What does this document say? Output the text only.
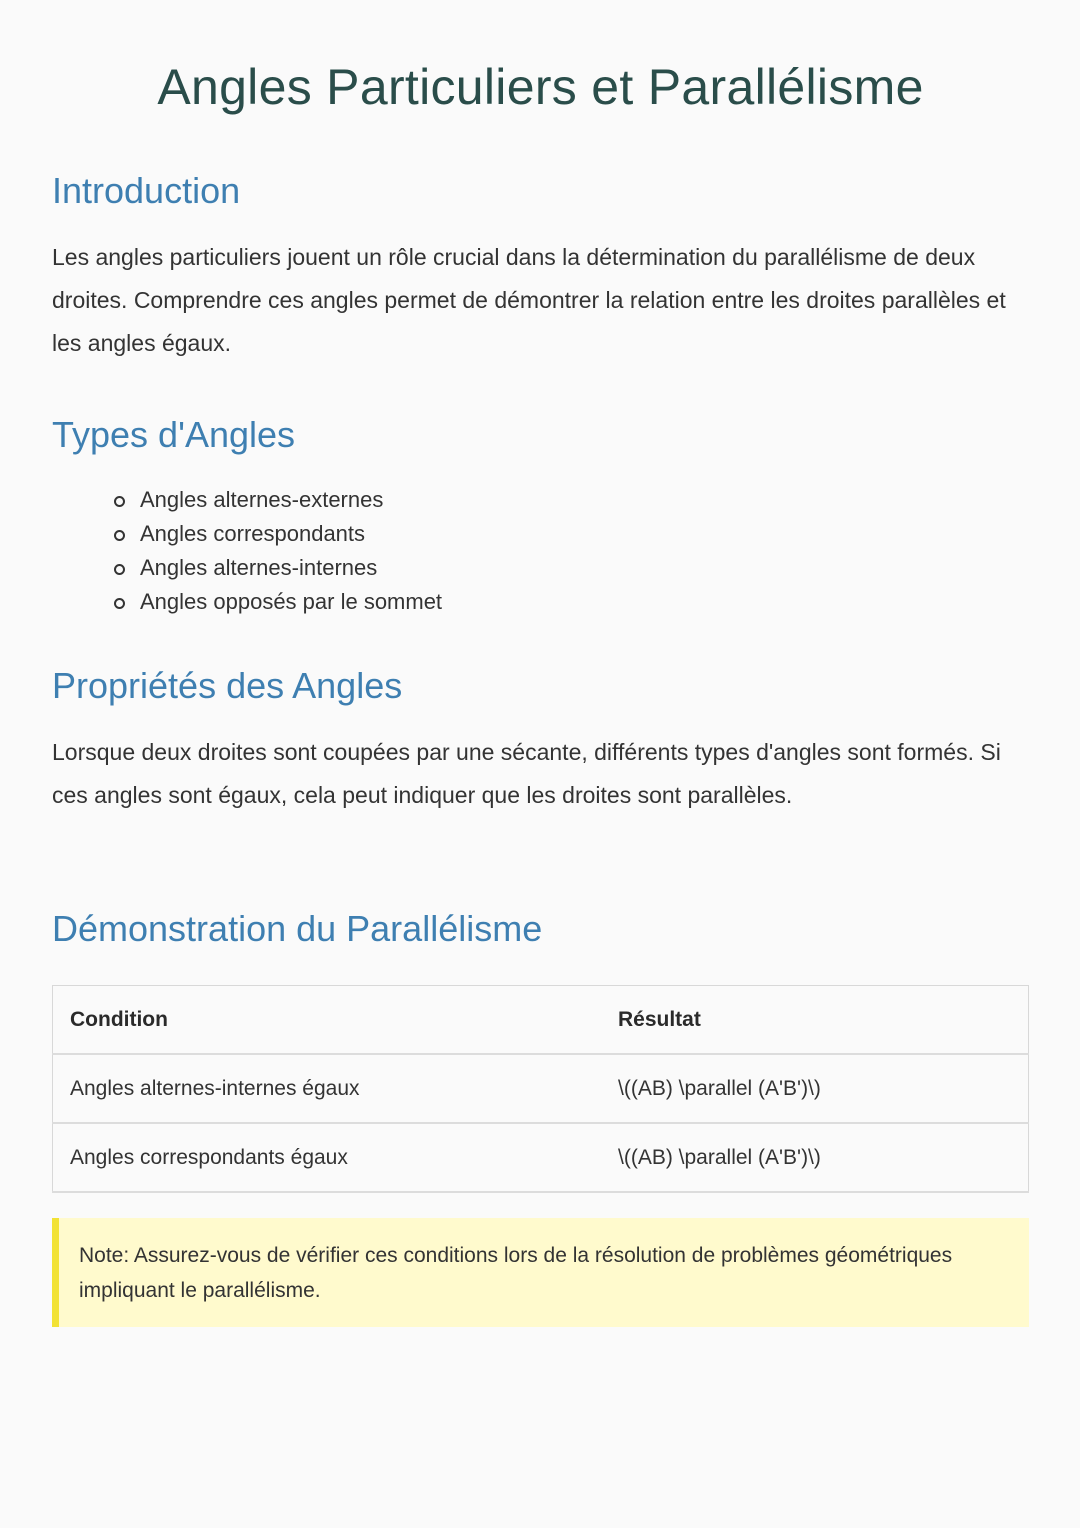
Angles Particuliers et Parallélisme
Introduction

Les angles particuliers jouent un rôle crucial dans la détermination du parallélisme de deux droites. Comprendre ces angles permet de démontrer la relation entre les droites parallèles et les angles égaux.

Types d'Angles
Angles alternes-externes
Angles correspondants
Angles alternes-internes
Angles opposés par le sommet
Propriétés des Angles

Lorsque deux droites sont coupées par une sécante, différents types d'angles sont formés. Si ces angles sont égaux, cela peut indiquer que les droites sont parallèles.

Démonstration du Parallélisme
Condition	Résultat
Angles alternes-internes égaux	\((AB) \parallel (A'B')\)
Angles correspondants égaux	\((AB) \parallel (A'B')\)
Note: Assurez-vous de vérifier ces conditions lors de la résolution de problèmes géométriques impliquant le parallélisme.
